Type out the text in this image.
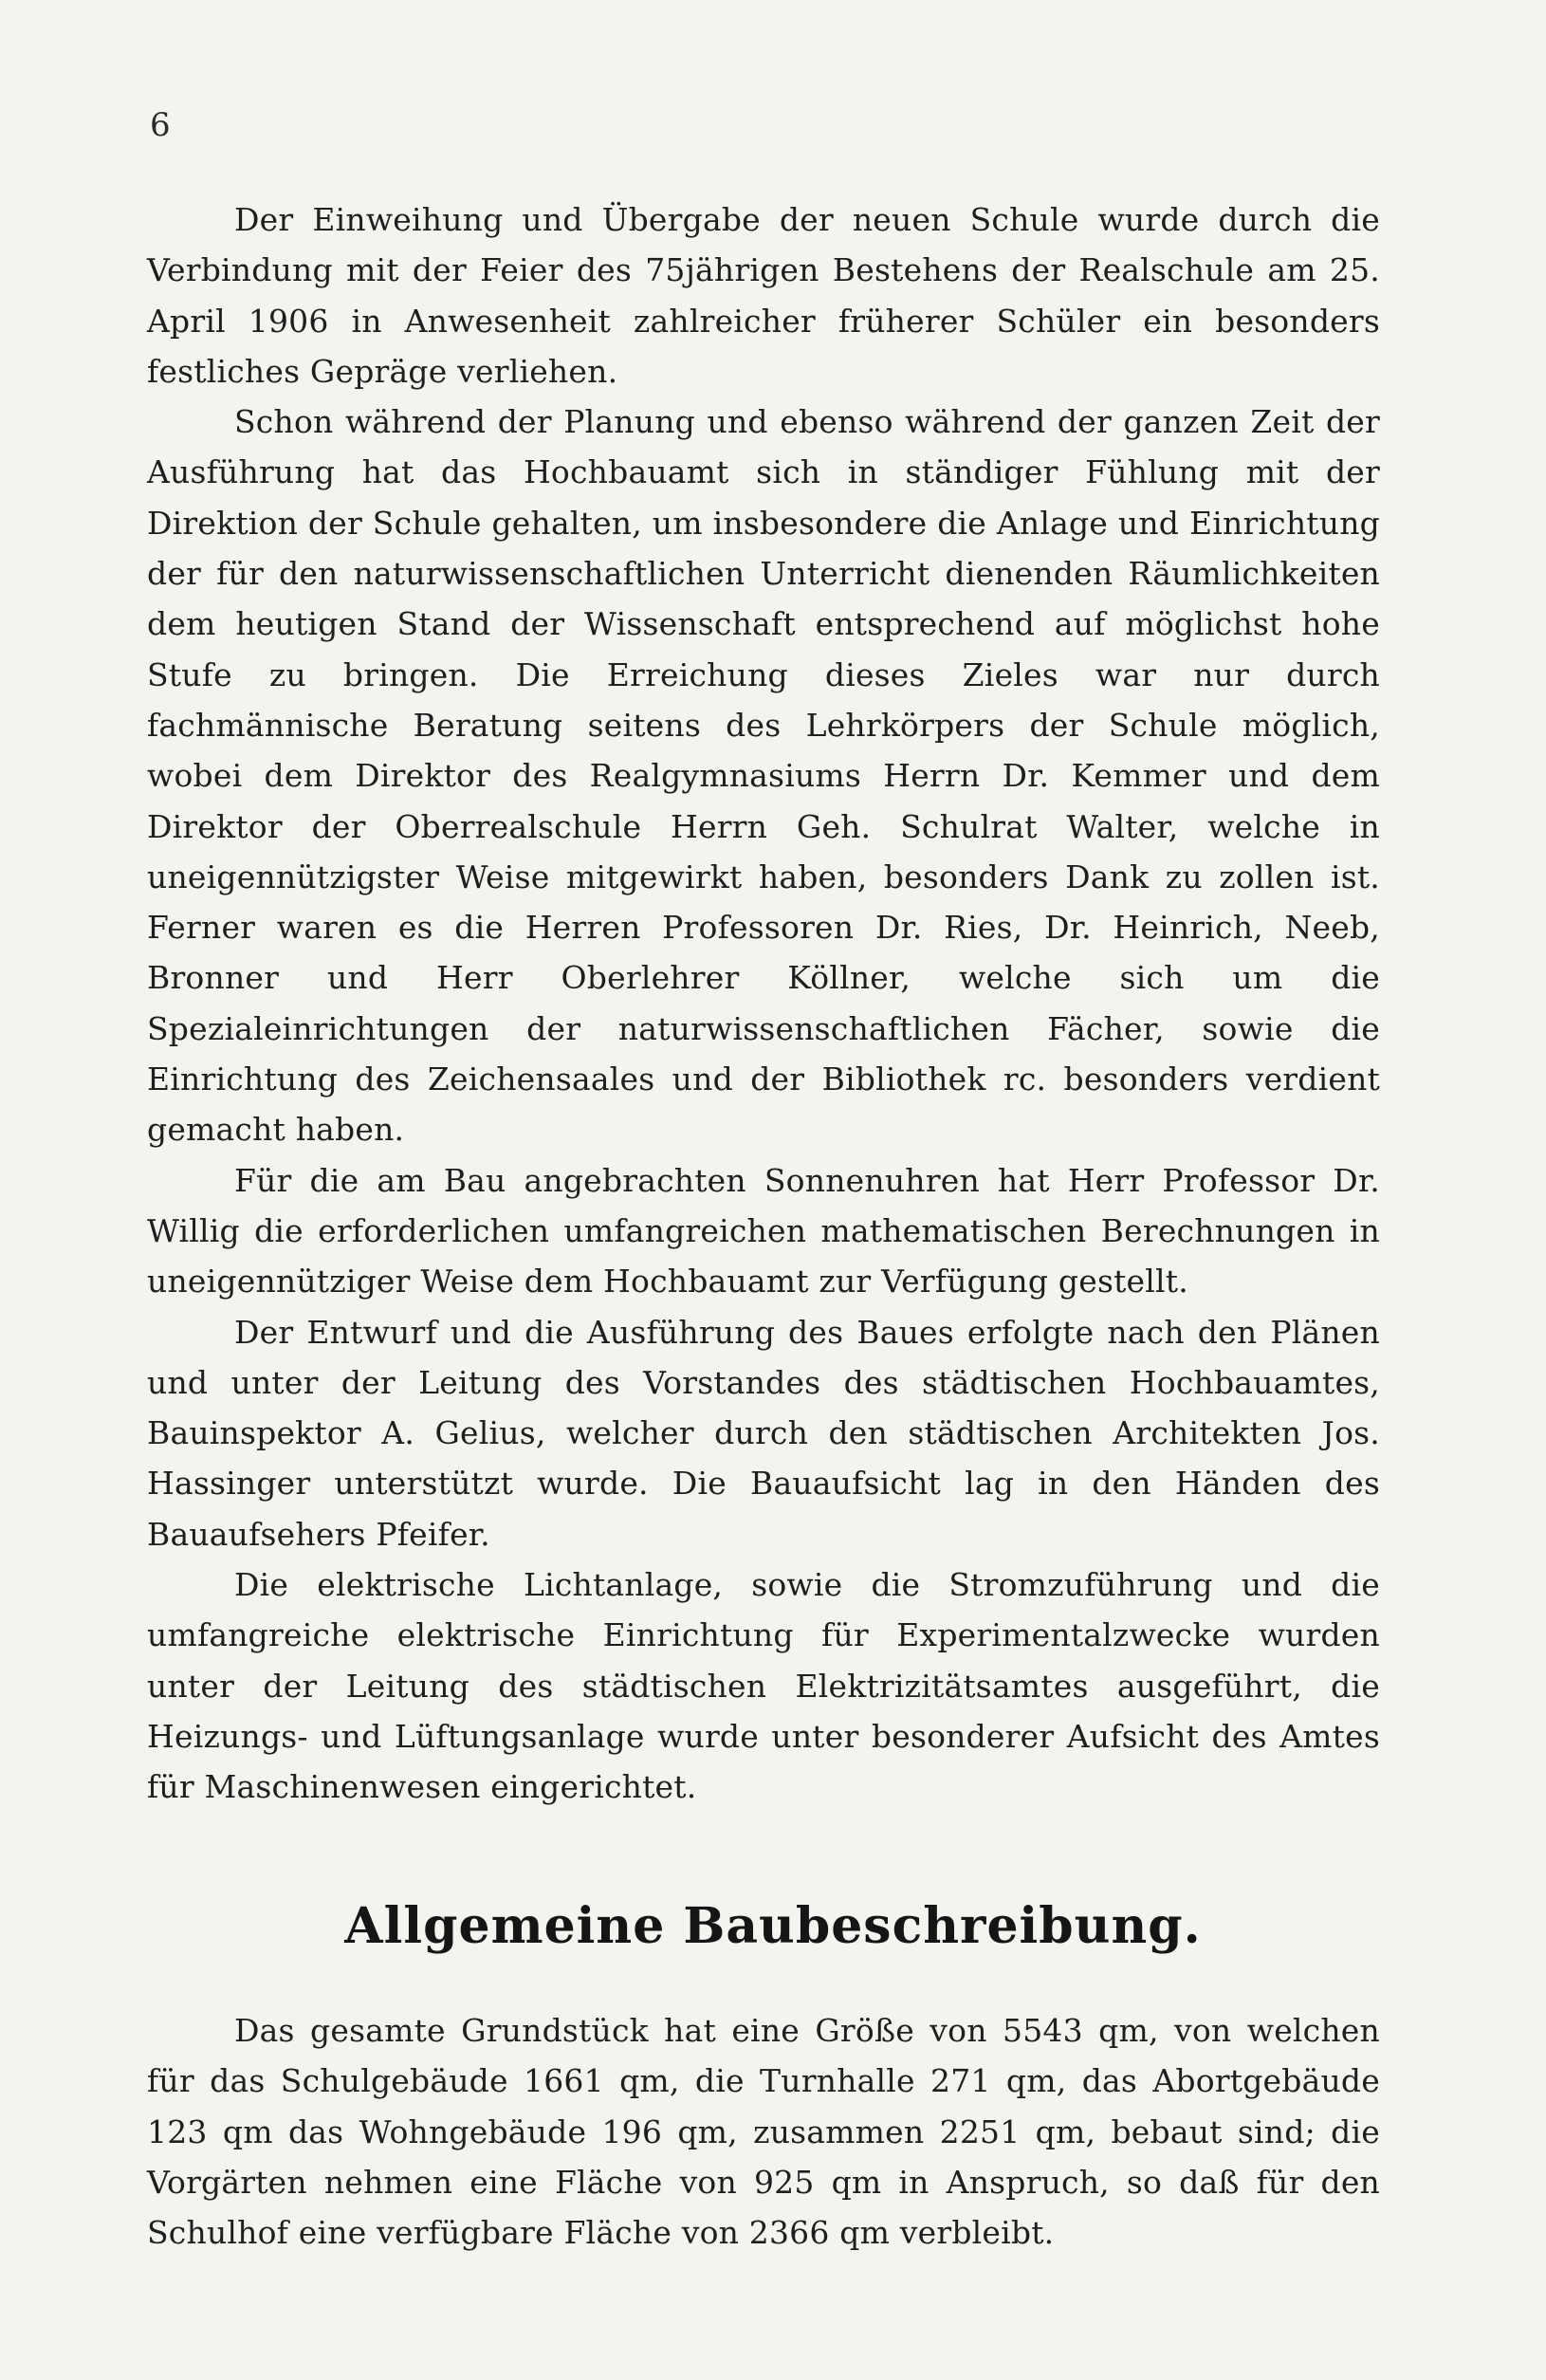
6

Der Einweihung und Übergabe der neuen Schule wurde durch die Verbindung mit der Feier des 75jährigen Bestehens der Realschule am 25. April 1906 in Anwesenheit zahlreicher früherer Schüler ein besonders festliches Gepräge verliehen.

Schon während der Planung und ebenso während der ganzen Zeit der Ausführung hat das Hochbauamt sich in ständiger Fühlung mit der Direktion der Schule gehalten, um insbesondere die Anlage und Einrichtung der für den naturwissenschaftlichen Unterricht dienenden Räumlichkeiten dem heutigen Stand der Wissenschaft entsprechend auf möglichst hohe Stufe zu bringen. Die Erreichung dieses Zieles war nur durch fachmännische Beratung seitens des Lehrkörpers der Schule möglich, wobei dem Direktor des Realgymnasiums Herrn Dr. Kemmer und dem Direktor der Oberrealschule Herrn Geh. Schulrat Walter, welche in uneigennützigster Weise mitgewirkt haben, besonders Dank zu zollen ist. Ferner waren es die Herren Professoren Dr. Ries, Dr. Heinrich, Neeb, Bronner und Herr Oberlehrer Köllner, welche sich um die Spezialeinrichtungen der naturwissenschaftlichen Fächer, sowie die Einrichtung des Zeichensaales und der Bibliothek rc. besonders verdient gemacht haben.

Für die am Bau angebrachten Sonnenuhren hat Herr Professor Dr. Willig die erforderlichen umfangreichen mathematischen Berechnungen in uneigennütziger Weise dem Hochbauamt zur Verfügung gestellt.

Der Entwurf und die Ausführung des Baues erfolgte nach den Plänen und unter der Leitung des Vorstandes des städtischen Hochbauamtes, Bauinspektor A. Gelius, welcher durch den städtischen Architekten Jos. Hassinger unterstützt wurde. Die Bauaufsicht lag in den Händen des Bauaufsehers Pfeifer.

Die elektrische Lichtanlage, sowie die Stromzuführung und die umfangreiche elektrische Einrichtung für Experimentalzwecke wurden unter der Leitung des städtischen Elektrizitätsamtes ausgeführt, die Heizungs- und Lüftungsanlage wurde unter besonderer Aufsicht des Amtes für Maschinenwesen eingerichtet.

Allgemeine Baubeschreibung.

Das gesamte Grundstück hat eine Größe von 5543 qm, von welchen für das Schulgebäude 1661 qm, die Turnhalle 271 qm, das Abortgebäude 123 qm das Wohngebäude 196 qm, zusammen 2251 qm, bebaut sind; die Vorgärten nehmen eine Fläche von 925 qm in Anspruch, so daß für den Schulhof eine verfügbare Fläche von 2366 qm verbleibt.
